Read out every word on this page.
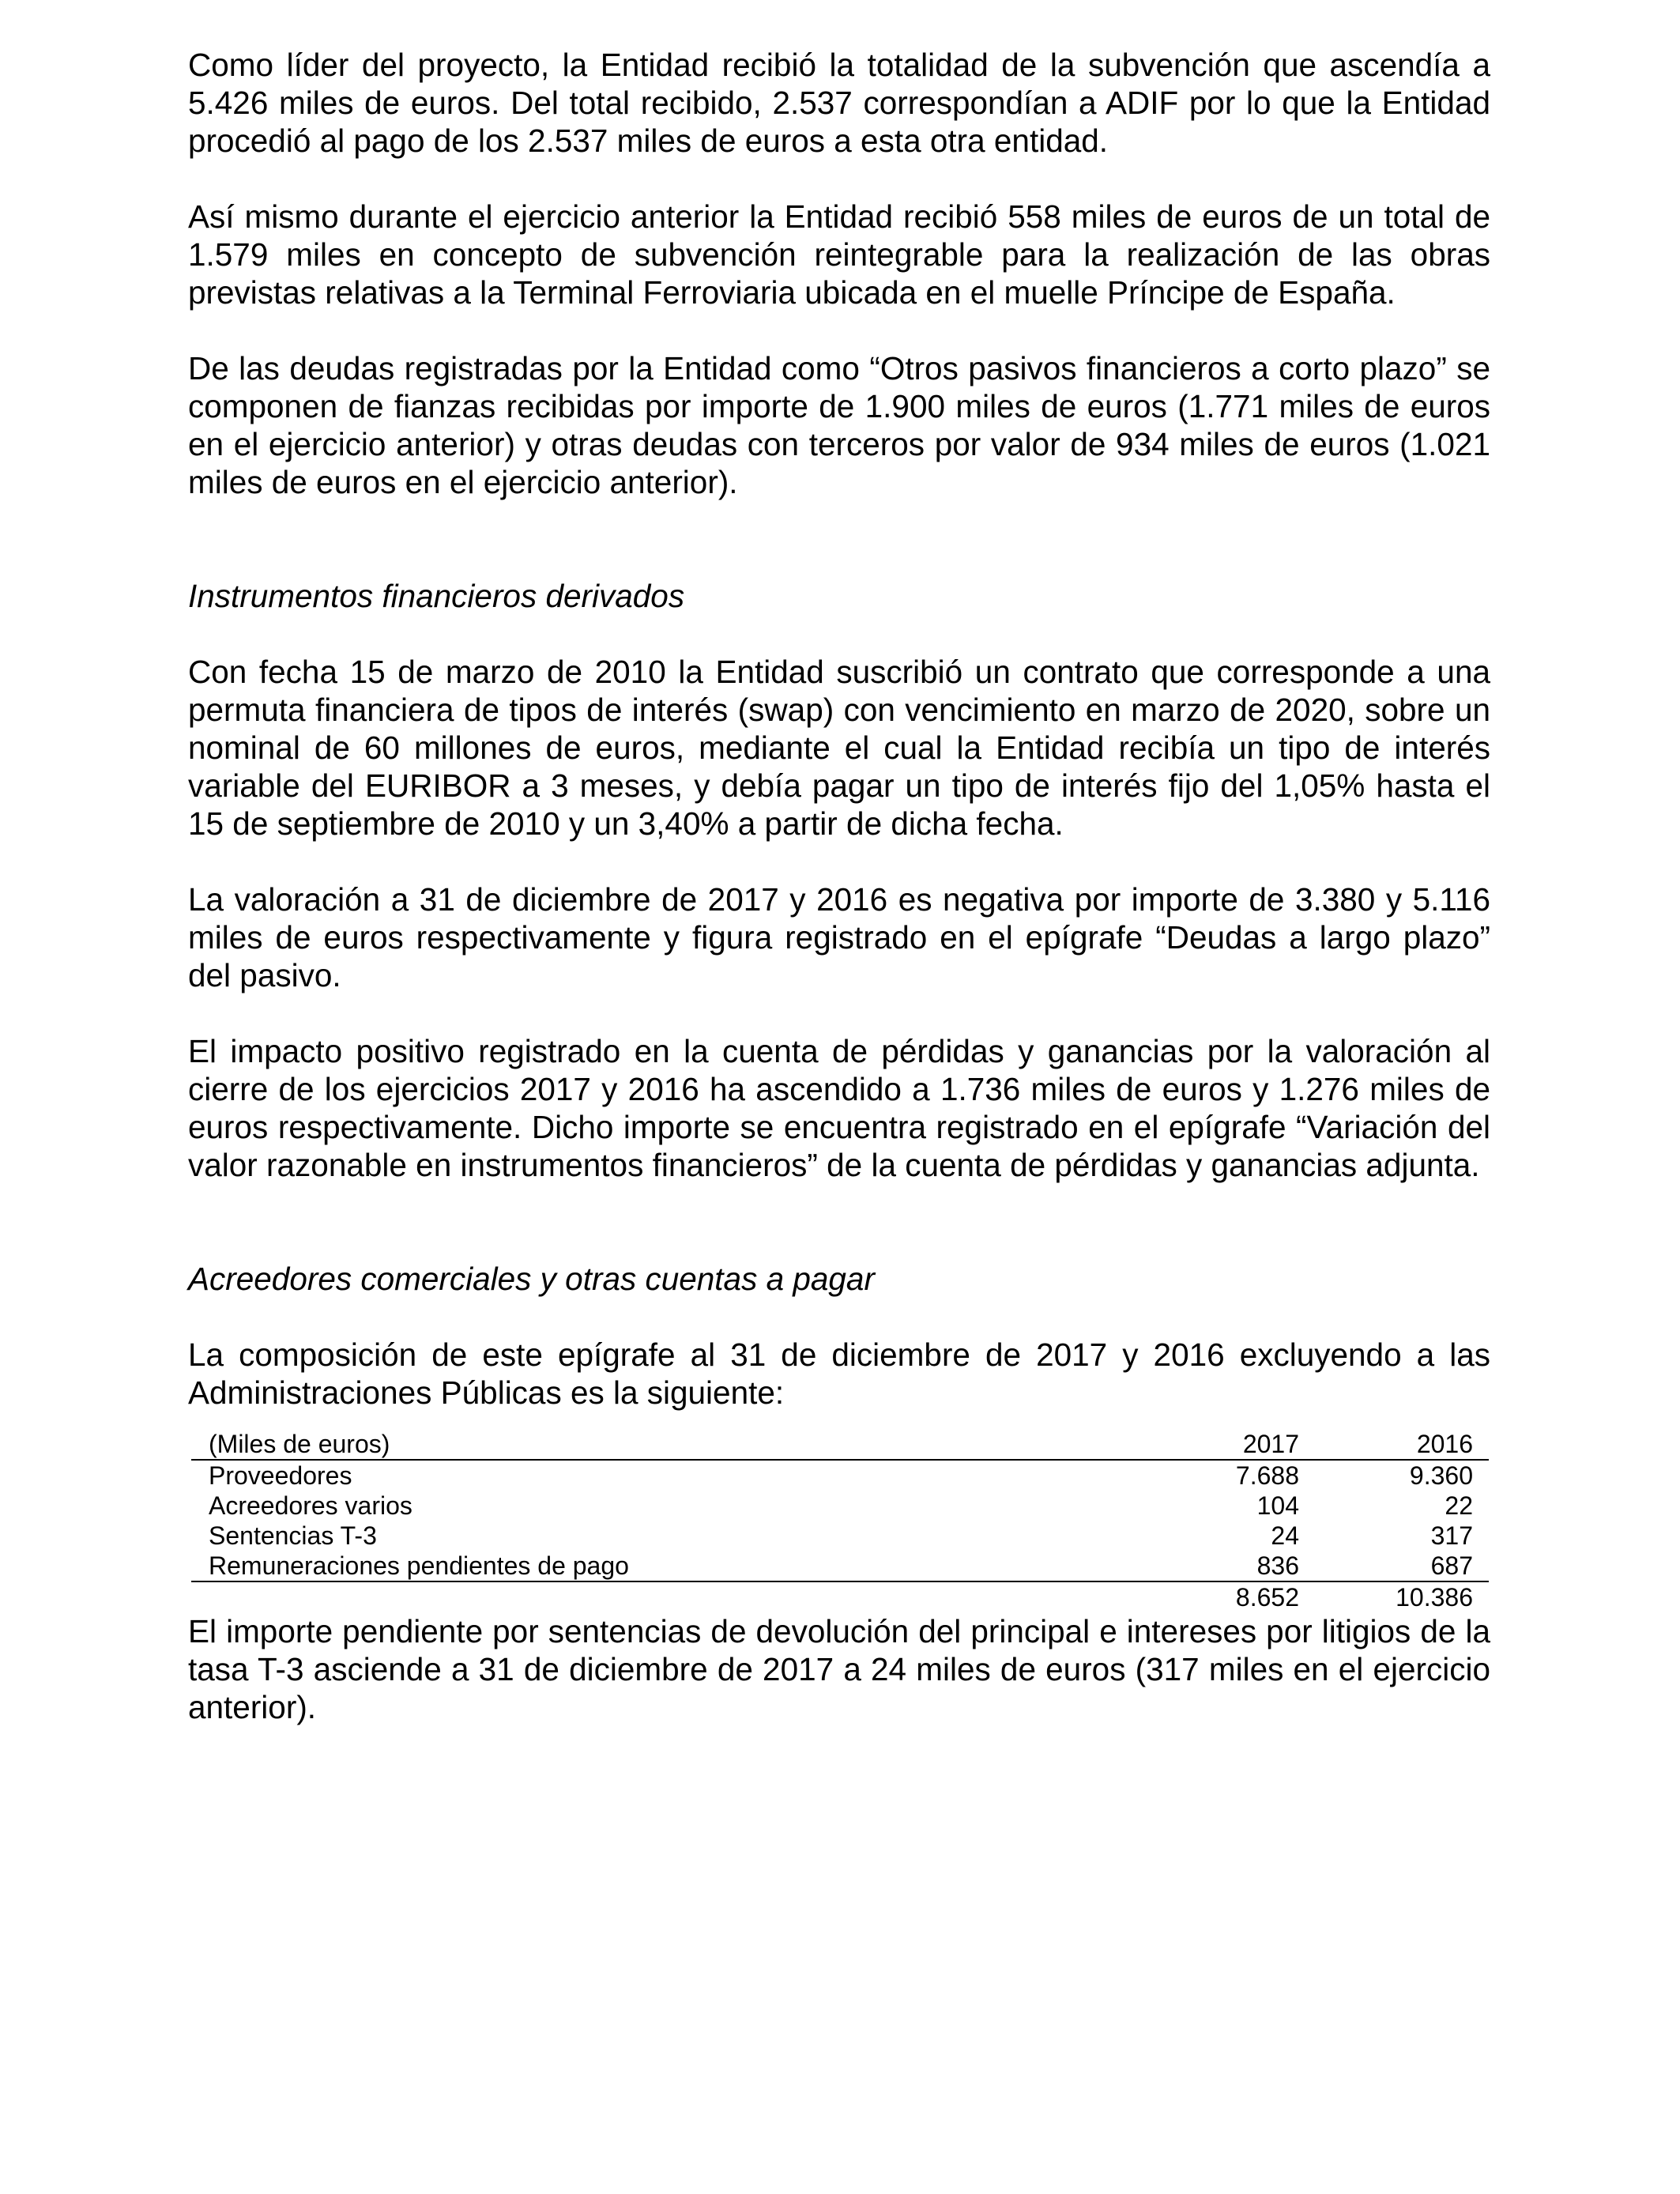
Como líder del proyecto, la Entidad recibió la totalidad de la subvención que ascendía a 5.426 miles de euros. Del total recibido, 2.537 correspondían a ADIF por lo que la Entidad procedió al pago de los 2.537 miles de euros a esta otra entidad.

Así mismo durante el ejercicio anterior la Entidad recibió 558 miles de euros de un total de 1.579 miles en concepto de subvención reintegrable para la realización de las obras previstas relativas a la Terminal Ferroviaria ubicada en el muelle Príncipe de España.

De las deudas registradas por la Entidad como “Otros pasivos financieros a corto plazo” se componen de fianzas recibidas por importe de 1.900 miles de euros (1.771 miles de euros en el ejercicio anterior) y otras deudas con terceros por valor de 934 miles de euros (1.021 miles de euros en el ejercicio anterior).

Instrumentos financieros derivados

Con fecha 15 de marzo de 2010 la Entidad suscribió un contrato que corresponde a una permuta financiera de tipos de interés (swap) con vencimiento en marzo de 2020, sobre un nominal de 60 millones de euros, mediante el cual la Entidad recibía un tipo de interés variable del EURIBOR a 3 meses, y debía pagar un tipo de interés fijo del 1,05% hasta el 15 de septiembre de 2010 y un 3,40% a partir de dicha fecha.

La valoración a 31 de diciembre de 2017 y 2016 es negativa por importe de 3.380 y 5.116 miles de euros respectivamente y figura registrado en el epígrafe “Deudas a largo plazo” del pasivo.

El impacto positivo registrado en la cuenta de pérdidas y ganancias por la valoración al cierre de los ejercicios 2017 y 2016 ha ascendido a 1.736 miles de euros y 1.276 miles de euros respectivamente. Dicho importe se encuentra registrado en el epígrafe “Variación del valor razonable en instrumentos financieros” de la cuenta de pérdidas y ganancias adjunta.

Acreedores comerciales y otras cuentas a pagar

La composición de este epígrafe al 31 de diciembre de 2017 y 2016 excluyendo a las Administraciones Públicas es la siguiente:

(Miles de euros)	2017	2016
Proveedores	7.688	9.360
Acreedores varios	104	22
Sentencias T-3	24	317
Remuneraciones pendientes de pago	836	687
	8.652	10.386

El importe pendiente por sentencias de devolución del principal e intereses por litigios de la tasa T-3 asciende a 31 de diciembre de 2017 a 24 miles de euros (317 miles en el ejercicio anterior).
